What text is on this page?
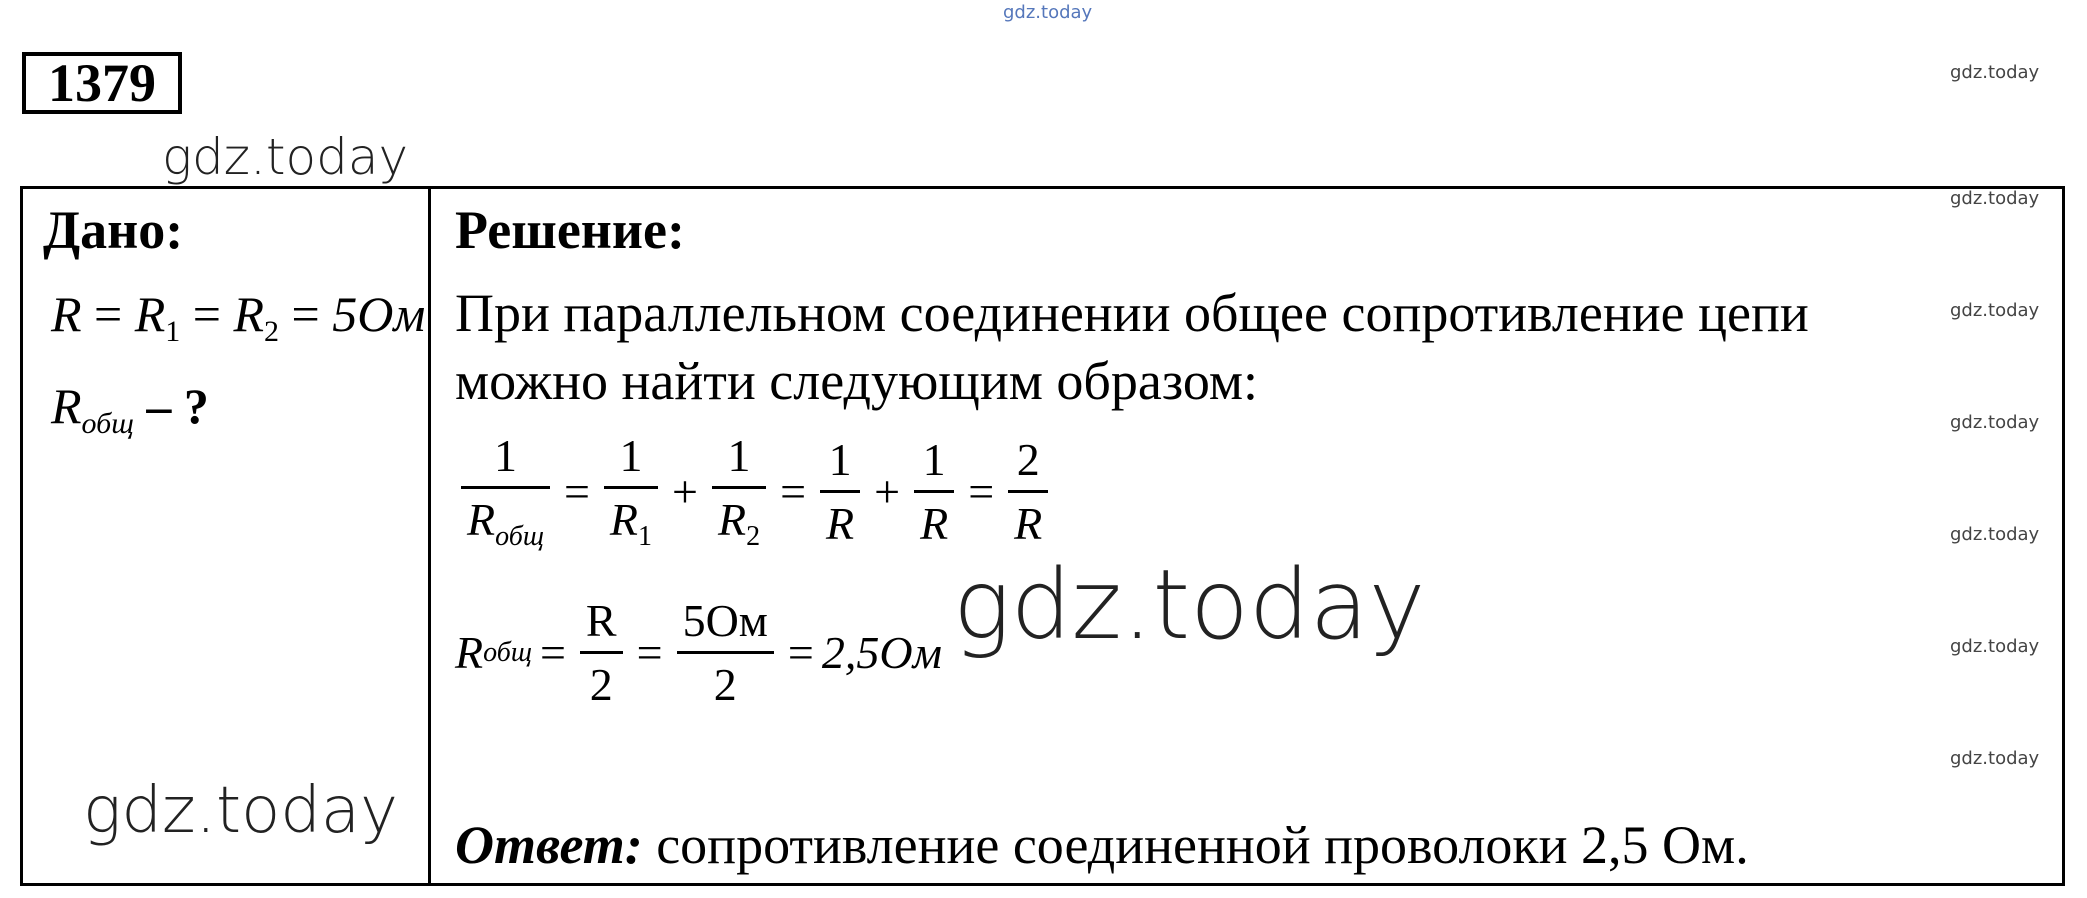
gdz.today
1379
gdz.today
gdz.today
gdz.today
gdz.today
gdz.today
gdz.today
gdz.today
gdz.today
Дано:
$R = R_1 = R_2 = 5Ом$
$R_{общ}$ – ?
Решение:
При параллельном соединении общее сопротивление цепи можно найти следующим образом:
$\frac{1}{R_{общ}} = \frac{1}{R_1} + \frac{1}{R_2} = \frac{1}{R} + \frac{1}{R} = \frac{2}{R}$
R общ = $\frac{R}{2} = \frac{5Ом}{2} = 2,5Ом$ gdz.today
gdz.today Ответ: сопротивление соединенной проволоки 2,5 Ом.
